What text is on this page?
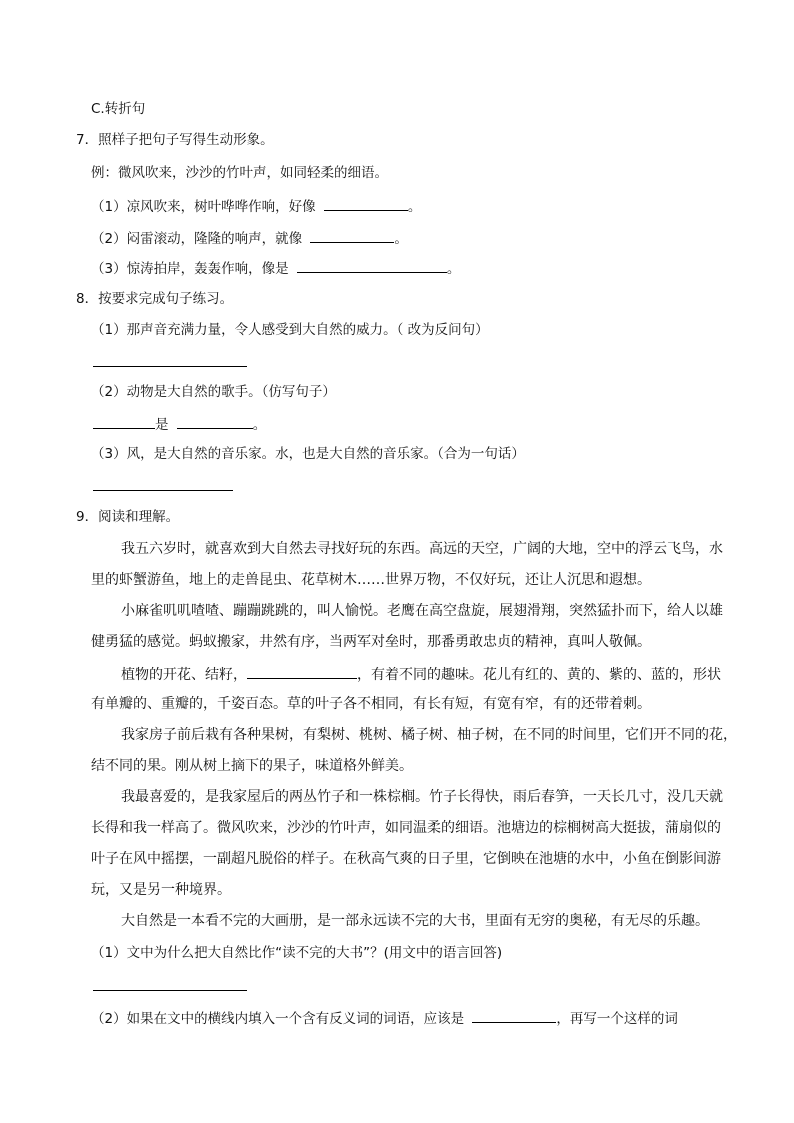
C.转折句
7．照样子把句子写得生动形象。
例：微风吹来，沙沙的竹叶声，如同轻柔的细语。
（1）凉风吹来，树叶哗哗作响，好像	。
（2）闷雷滚动，隆隆的响声，就像	。
（3）惊涛拍岸，轰轰作响，像是	。
8．按要求完成句子练习。
（1）那声音充满力量，令人感受到大自然的威力。（ 改为反问句）
（2）动物是大自然的歌手。（仿写句子）
是	。
（3）风，是大自然的音乐家。水，也是大自然的音乐家。（合为一句话）
9．阅读和理解。
我五六岁时，就喜欢到大自然去寻找好玩的东西。高远的天空，广阔的大地，空中的浮云飞鸟，水
里的虾蟹游鱼，地上的走兽昆虫、花草树木……世界万物，不仅好玩，还让人沉思和遐想。
小麻雀叽叽喳喳、蹦蹦跳跳的，叫人愉悦。老鹰在高空盘旋，展翅滑翔，突然猛扑而下，给人以雄
健勇猛的感觉。蚂蚁搬家，井然有序，当两军对垒时，那番勇敢忠贞的精神，真叫人敬佩。
植物的开花、结籽，	，有着不同的趣味。花儿有红的、黄的、紫的、蓝的，形状
有单瓣的、重瓣的，千姿百态。草的叶子各不相同，有长有短，有宽有窄，有的还带着刺。
我家房子前后栽有各种果树，有梨树、桃树、橘子树、柚子树，在不同的时间里，它们开不同的花，
结不同的果。刚从树上摘下的果子，味道格外鲜美。
我最喜爱的，是我家屋后的两丛竹子和一株棕榈。竹子长得快，雨后春笋，一天长几寸，没几天就
长得和我一样高了。微风吹来，沙沙的竹叶声，如同温柔的细语。池塘边的棕榈树高大挺拔，蒲扇似的
叶子在风中摇摆，一副超凡脱俗的样子。在秋高气爽的日子里，它倒映在池塘的水中，小鱼在倒影间游
玩，又是另一种境界。
大自然是一本看不完的大画册，是一部永远读不完的大书，里面有无穷的奥秘，有无尽的乐趣。
（1）文中为什么把大自然比作“读不完的大书”？(用文中的语言回答)
（2）如果在文中的横线内填入一个含有反义词的词语，应该是	，再写一个这样的词
